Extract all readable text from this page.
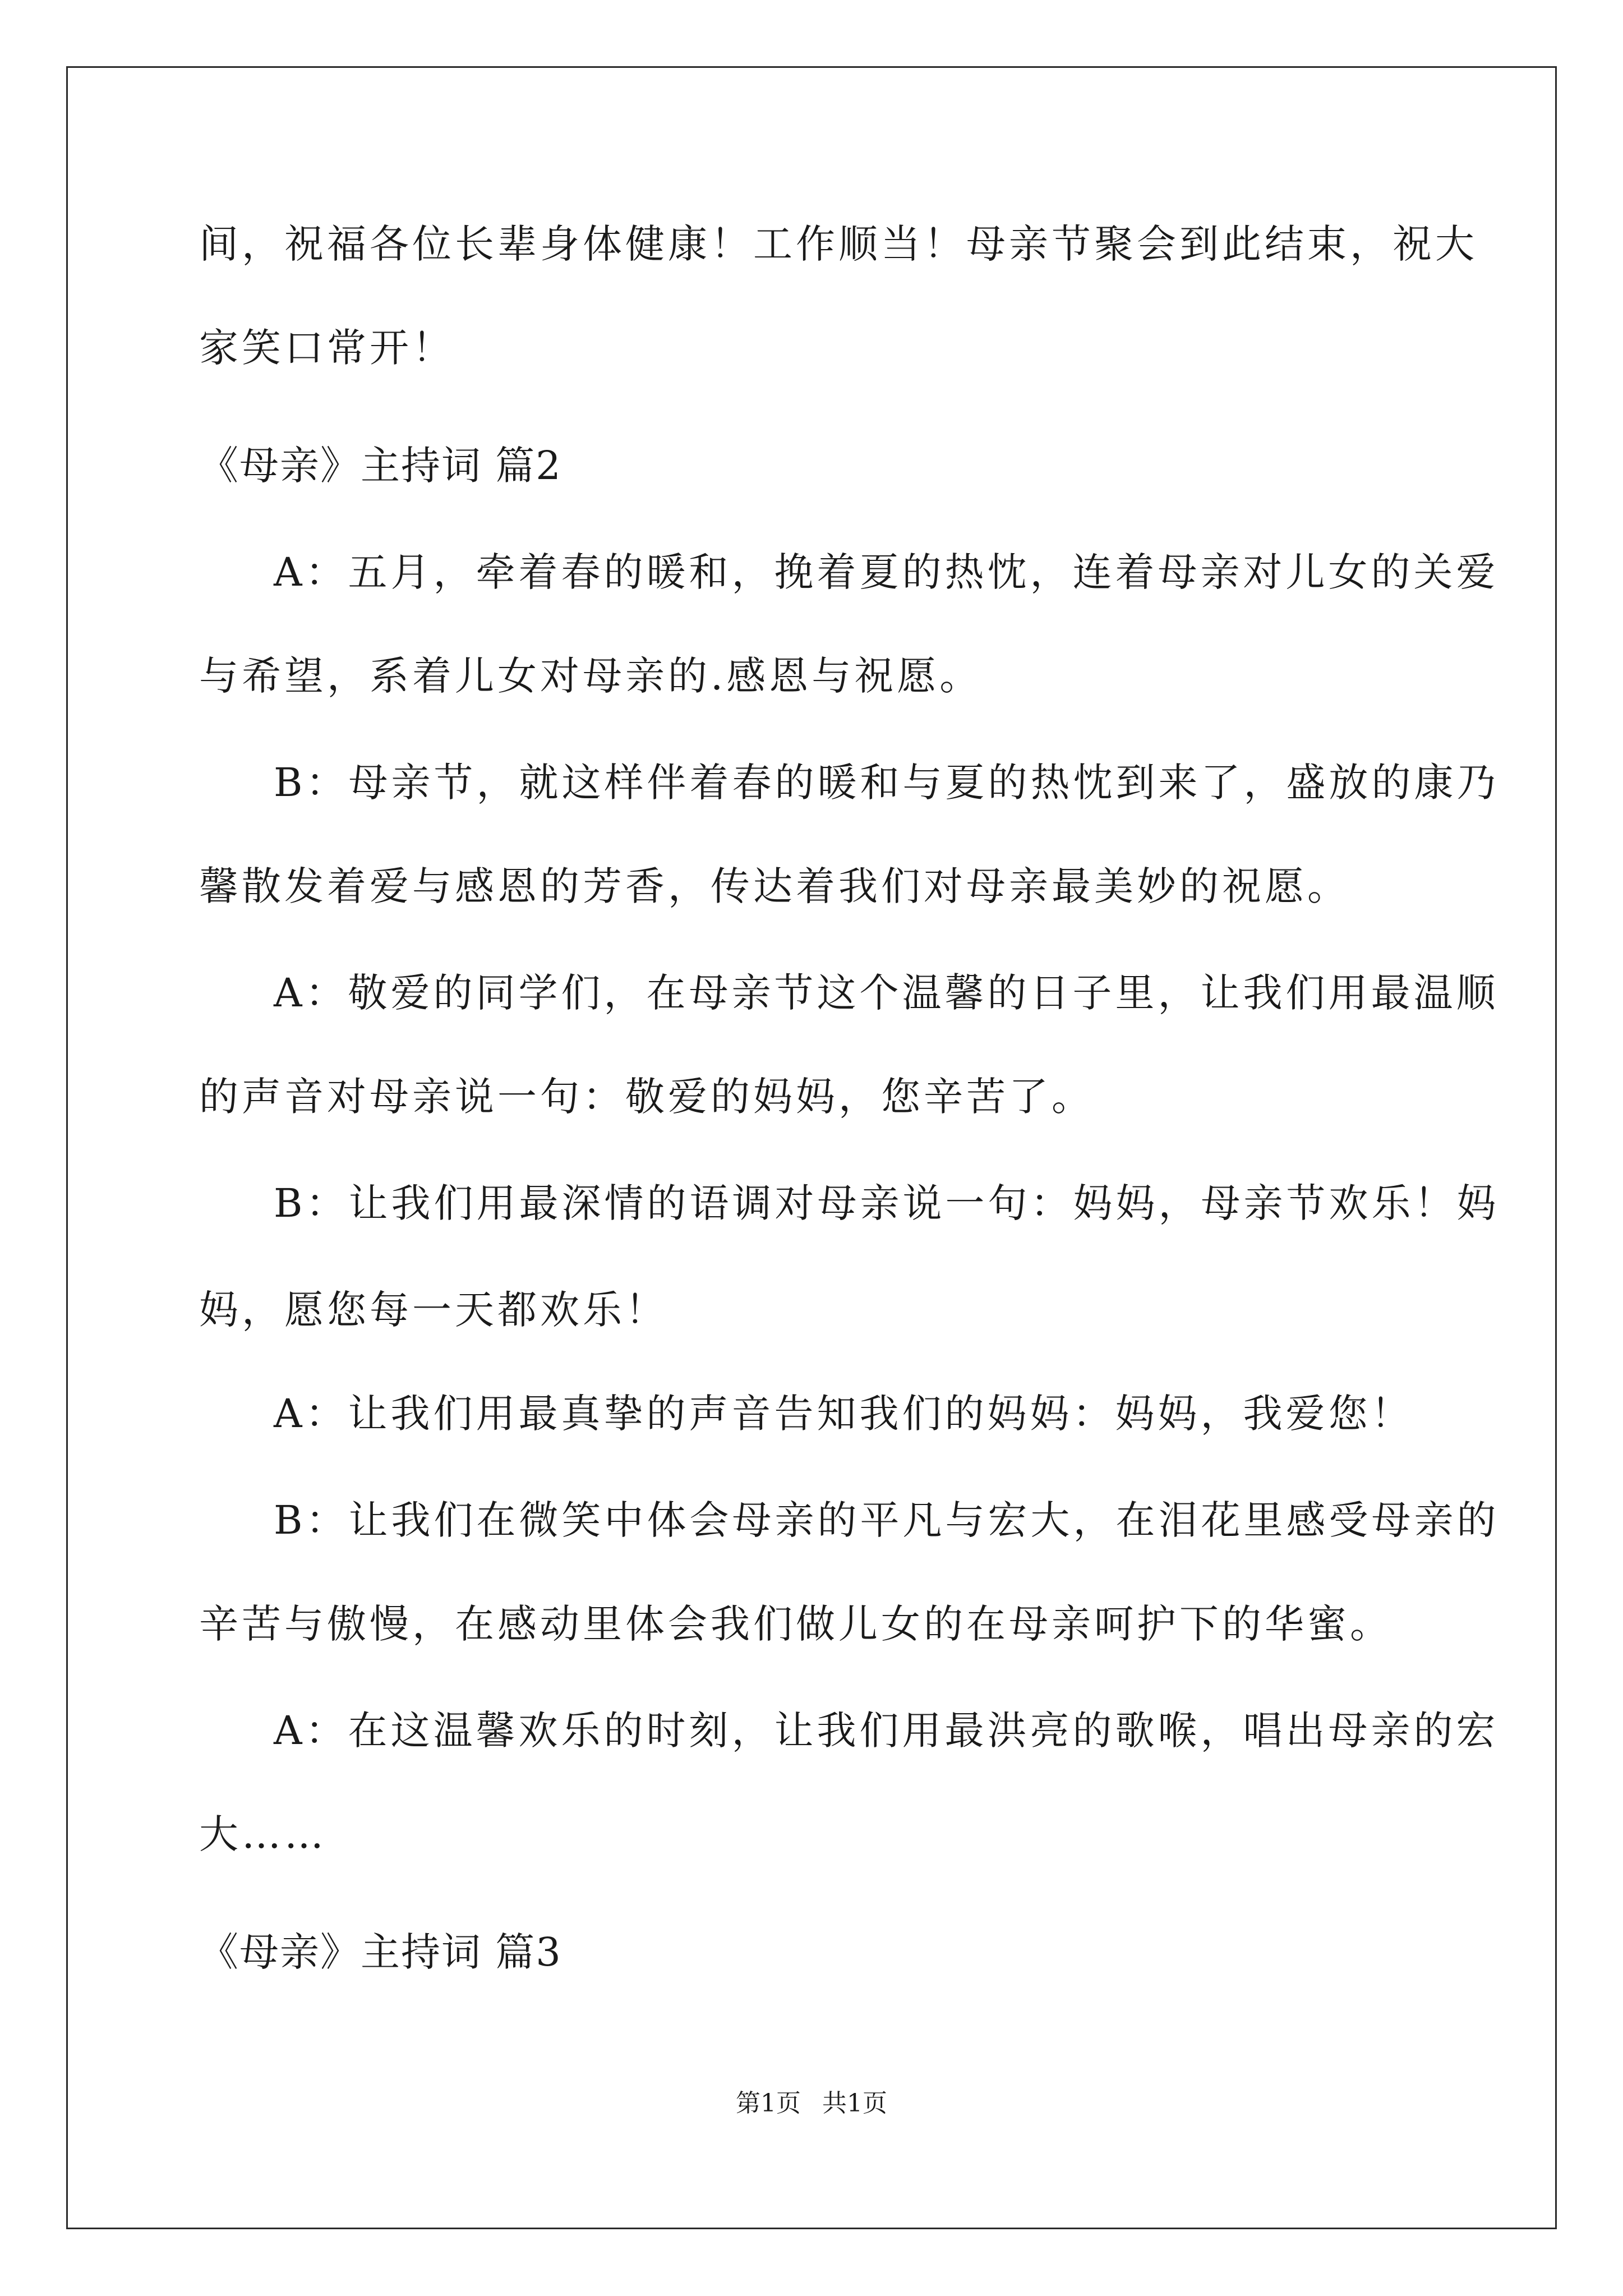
间，祝福各位长辈身体健康！工作顺当！母亲节聚会到此结束，祝大
家笑口常开！
《母亲》主持词 篇2
A：五月，牵着春的暖和，挽着夏的热忱，连着母亲对儿女的关爱
与希望，系着儿女对母亲的.感恩与祝愿。
B：母亲节，就这样伴着春的暖和与夏的热忱到来了，盛放的康乃
馨散发着爱与感恩的芳香，传达着我们对母亲最美妙的祝愿。
A：敬爱的同学们，在母亲节这个温馨的日子里，让我们用最温顺
的声音对母亲说一句：敬爱的妈妈，您辛苦了。
B：让我们用最深情的语调对母亲说一句：妈妈，母亲节欢乐！妈
妈，愿您每一天都欢乐！
A：让我们用最真挚的声音告知我们的妈妈：妈妈，我爱您！
B：让我们在微笑中体会母亲的平凡与宏大，在泪花里感受母亲的
辛苦与傲慢，在感动里体会我们做儿女的在母亲呵护下的华蜜。
A：在这温馨欢乐的时刻，让我们用最洪亮的歌喉，唱出母亲的宏
大……
《母亲》主持词 篇3
第1页 共1页
